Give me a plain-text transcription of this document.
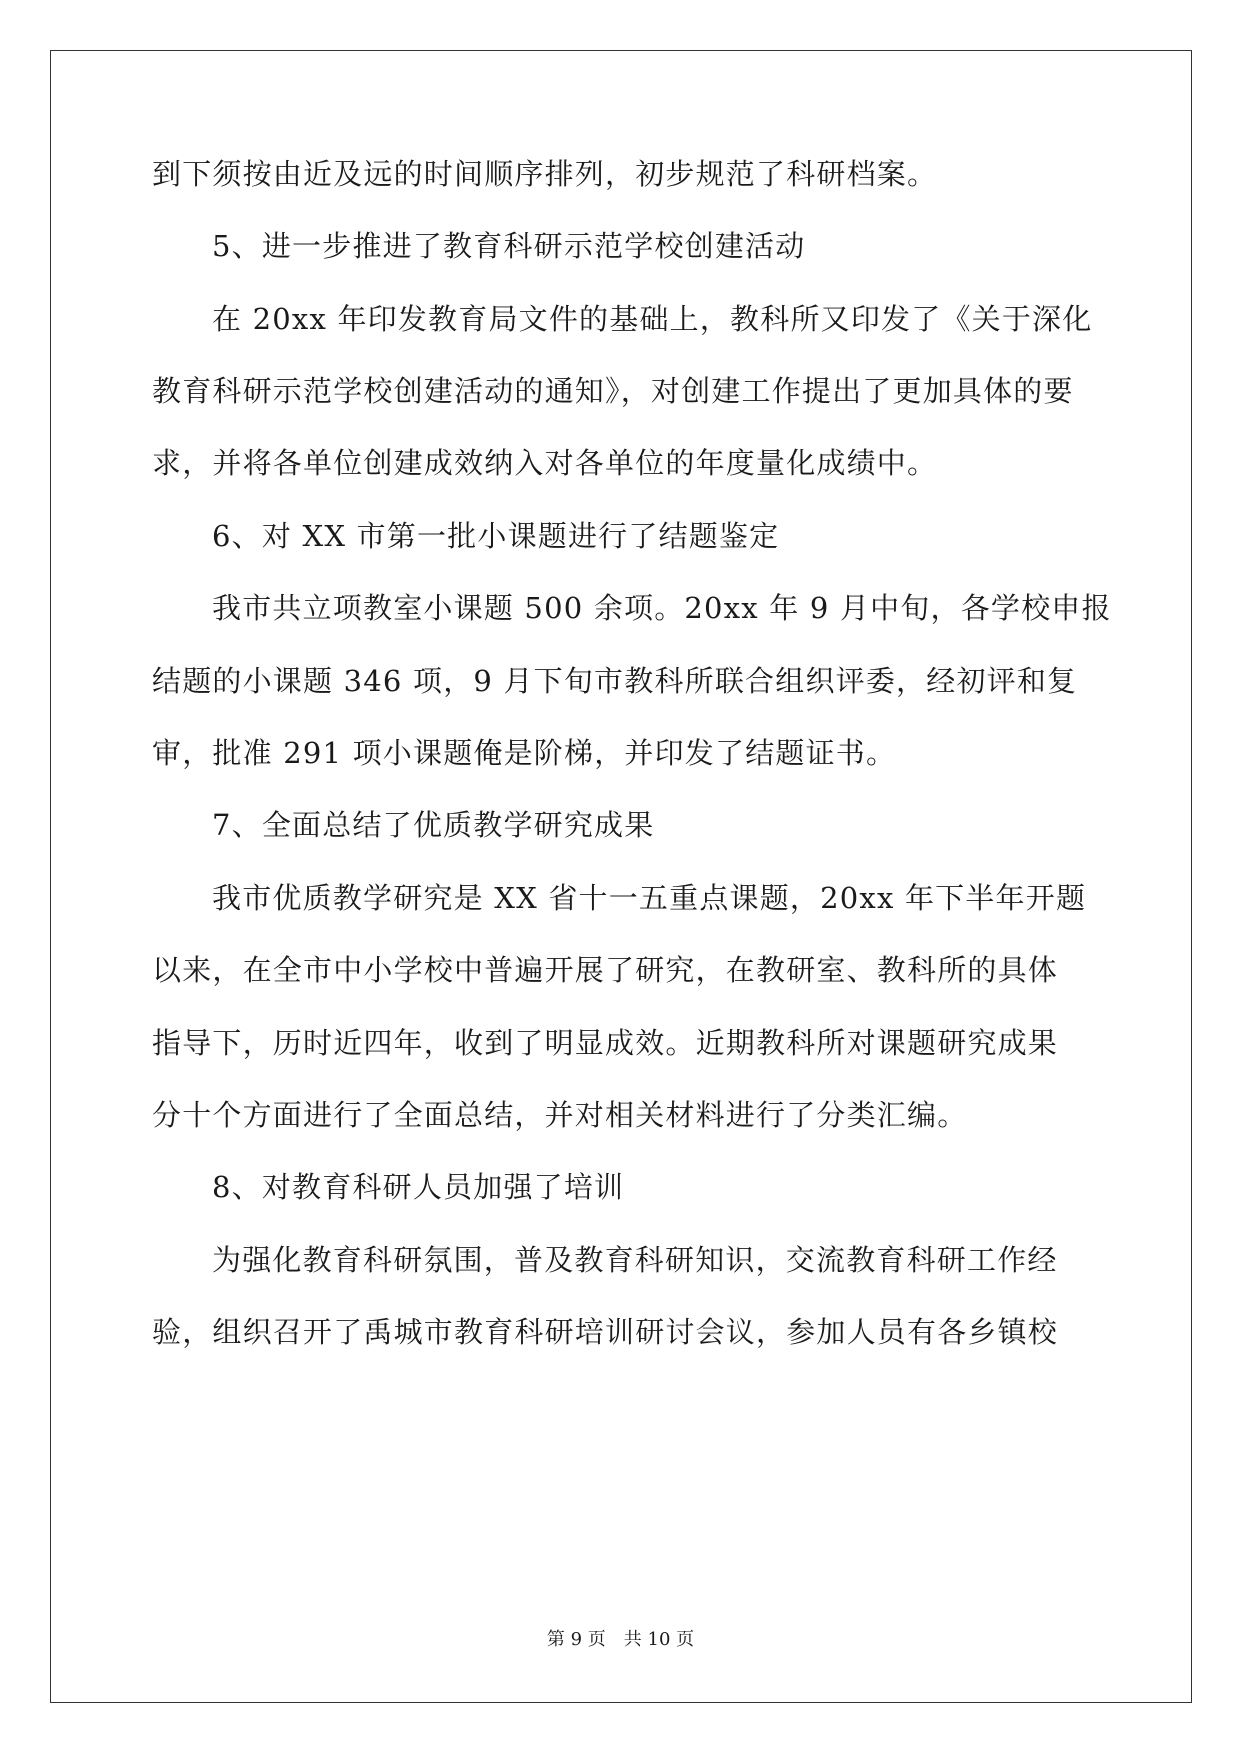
到下须按由近及远的时间顺序排列，初步规范了科研档案。
5、进一步推进了教育科研示范学校创建活动
在 20xx 年印发教育局文件的基础上，教科所又印发了《关于深化
教育科研示范学校创建活动的通知》，对创建工作提出了更加具体的要
求，并将各单位创建成效纳入对各单位的年度量化成绩中。
6、对 XX 市第一批小课题进行了结题鉴定
我市共立项教室小课题 500 余项。20xx 年 9 月中旬，各学校申报
结题的小课题 346 项，9 月下旬市教科所联合组织评委，经初评和复
审，批准 291 项小课题俺是阶梯，并印发了结题证书。
7、全面总结了优质教学研究成果
我市优质教学研究是 XX 省十一五重点课题，20xx 年下半年开题
以来，在全市中小学校中普遍开展了研究，在教研室、教科所的具体
指导下，历时近四年，收到了明显成效。近期教科所对课题研究成果
分十个方面进行了全面总结，并对相关材料进行了分类汇编。
8、对教育科研人员加强了培训
为强化教育科研氛围，普及教育科研知识，交流教育科研工作经
验，组织召开了禹城市教育科研培训研讨会议，参加人员有各乡镇校
第 9 页 共 10 页
